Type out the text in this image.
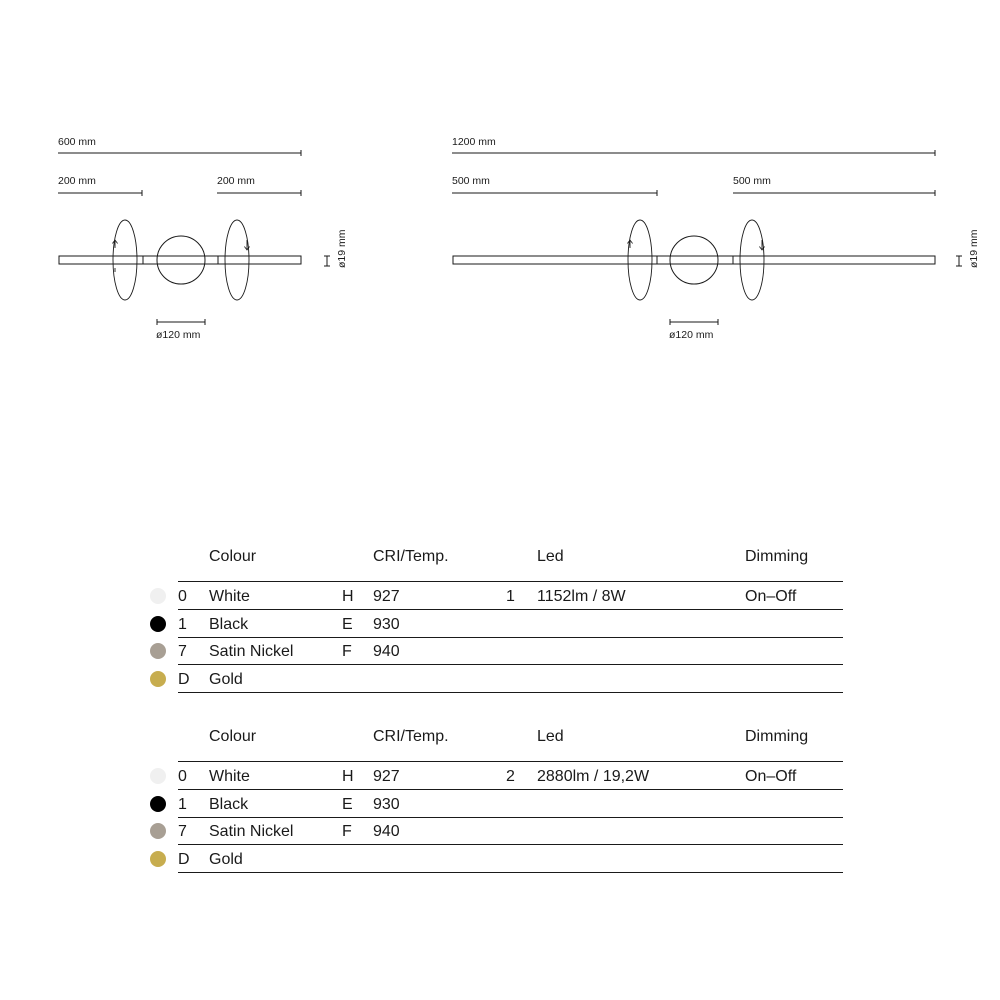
600 mm
200 mm	200 mm
ø120 mm
ø19 mm
1200 mm
500 mm	500 mm
ø120 mm
ø19 mm
Colour	CRI/Temp.	Led	Dimming
0 White	H 927	1 1152lm / 8W	On–Off
1 Black	E 930
7 Satin Nickel	F 940
D Gold
Colour	CRI/Temp.	Led	Dimming
0 White	H 927	2 2880lm / 19,2W	On–Off
1 Black	E 930
7 Satin Nickel	F 940
D Gold
